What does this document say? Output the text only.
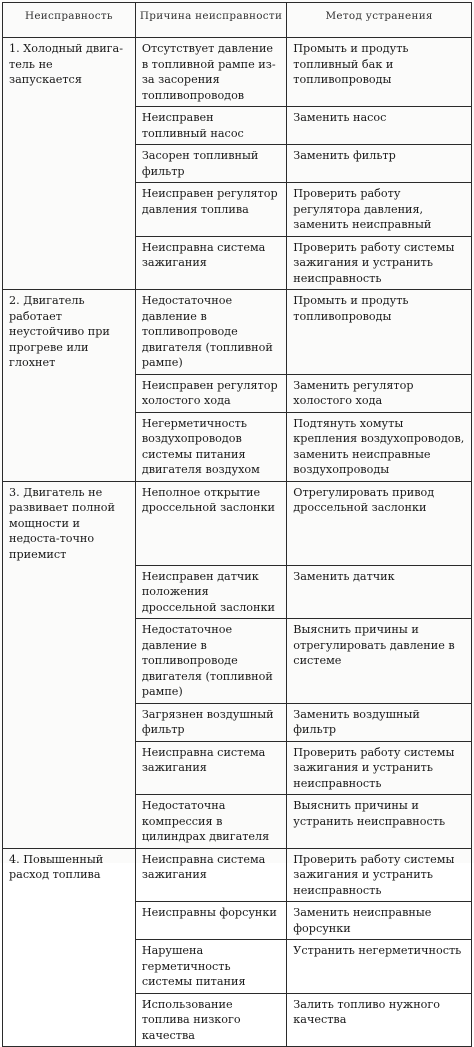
Неисправность	Причина неисправности	Метод устранения
1. Холодный двига-тель не запускается	Отсутствует давление в топливной рампе из-за засорения топливопроводов	Промыть и продуть топливный бак и топливопроводы
	Неисправен топливный насос	Заменить насос
	Засорен топливный фильтр	Заменить фильтр
	Неисправен регулятор давления топлива	Проверить работу регулятора давления, заменить неисправный
	Неисправна система зажигания	Проверить работу системы зажигания и устранить неисправность
2. Двигатель работает неустойчиво при прогреве или глохнет	Недостаточное давление в топливопроводе двигателя (топливной рампе)	Промыть и продуть топливопроводы
	Неисправен регулятор холостого хода	Заменить регулятор холостого хода
	Негерметичность воздухопроводов системы питания двигателя воздухом	Подтянуть хомуты крепления воздухопроводов, заменить неисправные воздухопроводы
3. Двигатель не развивает полной мощности и недоста-точно приемист	Неполное открытие дроссельной заслонки	Отрегулировать привод дроссельной заслонки
	Неисправен датчик положения дроссельной заслонки	Заменить датчик
	Недостаточное давление в топливопроводе двигателя (топливной рампе)	Выяснить причины и отрегулировать давление в системе
	Загрязнен воздушный фильтр	Заменить воздушный фильтр
	Неисправна система зажигания	Проверить работу системы зажигания и устранить неисправность
	Недостаточна компрессия в цилиндрах двигателя	Выяснить причины и устранить неисправность
4. Повышенный расход топлива	Неисправна система зажигания	Проверить работу системы зажигания и устранить неисправность
	Неисправны форсунки	Заменить неисправные форсунки
	Нарушена герметичность системы питания	Устранить негерметичность
	Использование топлива низкого качества	Залить топливо нужного качества
